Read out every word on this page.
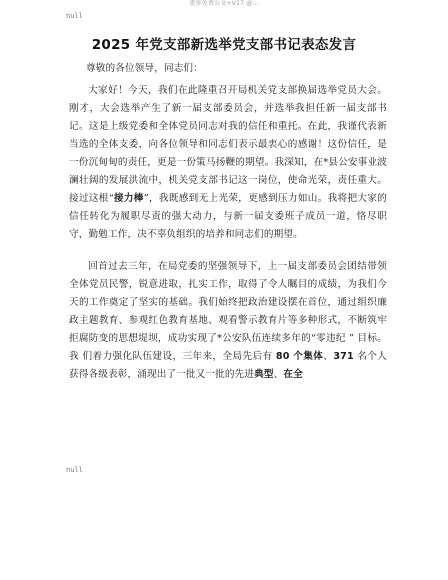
更多免费公文+V17 @…
null
2025 年党支部新选举党支部书记表态发言

尊敬的各位领导，同志们：

大家好！今天，我们在此隆重召开局机关党支部换届选举党员大会。刚才，大会选举产生了新一届支部委员会，并选举我担任新一届支部书记。这是上级党委和全体党员同志对我的信任和重托。在此，我谨代表新当选的全体支委，向各位领导和同志们表示最衷心的感谢！这份信任，是一份沉甸甸的责任，更是一份策马扬鞭的期望。我深知，在*县公安事业波澜壮阔的发展洪流中，机关党支部书记这一岗位，使命光荣，责任重大。接过这根“接力棒”，我既感到无上光荣，更感到压力如山。我将把大家的信任转化为履职尽责的强大动力，与新一届支委班子成员一道，恪尽职守，勤勉工作，决不辜负组织的培养和同志们的期望。

回首过去三年，在局党委的坚强领导下，上一届支部委员会团结带领全体党员民警，锐意进取，扎实工作，取得了令人瞩目的成绩，为我们今天的工作奠定了坚实的基础。我们始终把政治建设摆在首位，通过组织廉政主题教育、参观红色教育基地、观看警示教育片等多种形式，不断筑牢拒腐防变的思想堤坝，成功实现了*公安队伍连续多年的“零违纪 ” 目标。我 们着力强化队伍建设，三年来，全局先后有 80 个集体、371 名个人获得各级表彰，涌现出了一批又一批的先进典型、在全

null
